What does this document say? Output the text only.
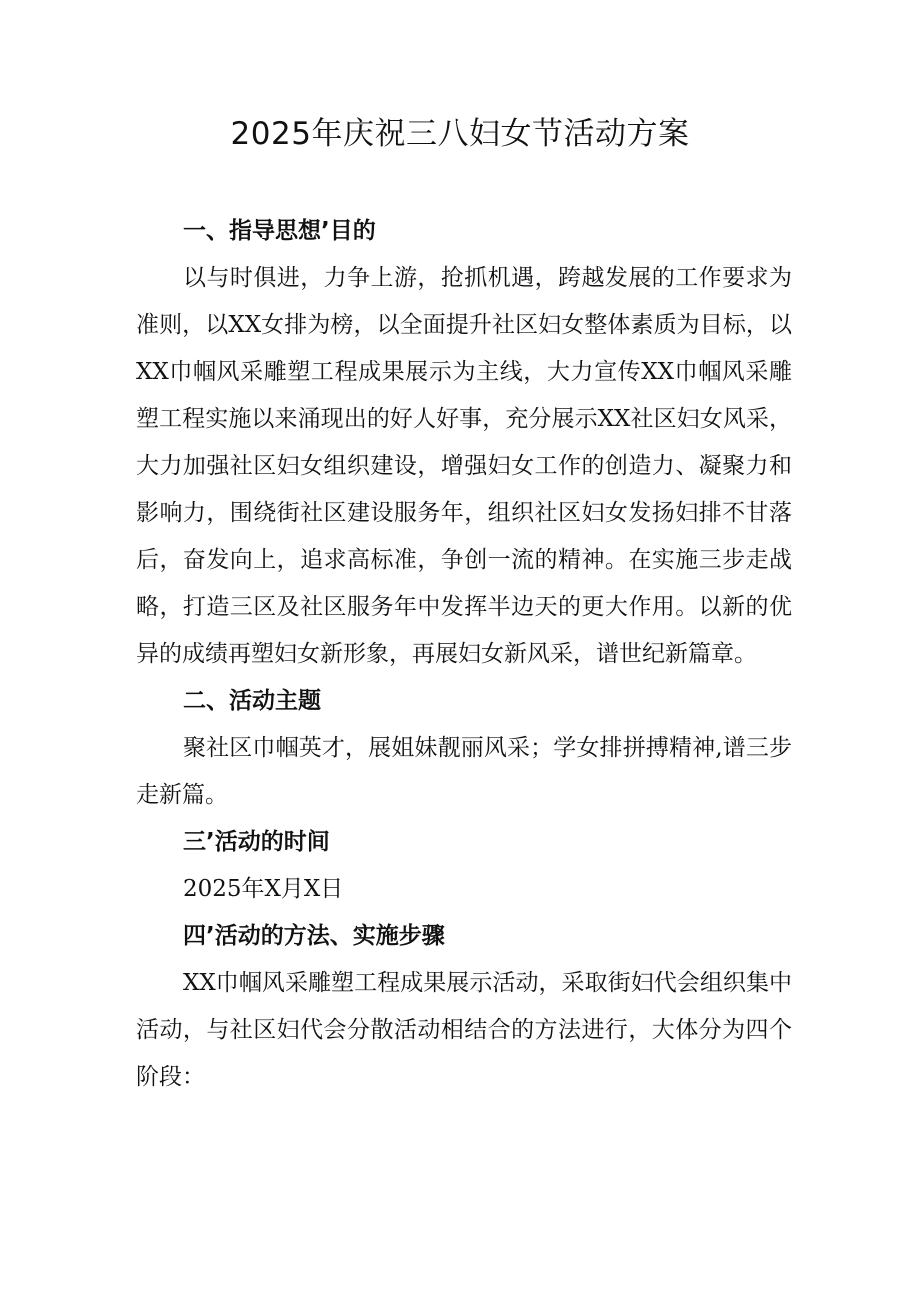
2025年庆祝三八妇女节活动方案
一、指导思想’目的

以与时俱进，力争上游，抢抓机遇，跨越发展的工作要求为准则，以XX女排为榜，以全面提升社区妇女整体素质为目标，以XX巾帼风采雕塑工程成果展示为主线，大力宣传XX巾帼风采雕塑工程实施以来涌现出的好人好事，充分展示XX社区妇女风采，大力加强社区妇女组织建设，增强妇女工作的创造力、凝聚力和影响力，围绕街社区建设服务年，组织社区妇女发扬妇排不甘落后，奋发向上，追求高标准，争创一流的精神。在实施三步走战略，打造三区及社区服务年中发挥半边天的更大作用。以新的优异的成绩再塑妇女新形象，再展妇女新风采，谱世纪新篇章。

二、活动主题

聚社区巾帼英才，展姐妹靓丽风采；学女排拼搏精神,谱三步走新篇。

三’活动的时间

2025年X月X日

四’活动的方法、实施步骤

XX巾帼风采雕塑工程成果展示活动，采取街妇代会组织集中活动，与社区妇代会分散活动相结合的方法进行，大体分为四个阶段：
